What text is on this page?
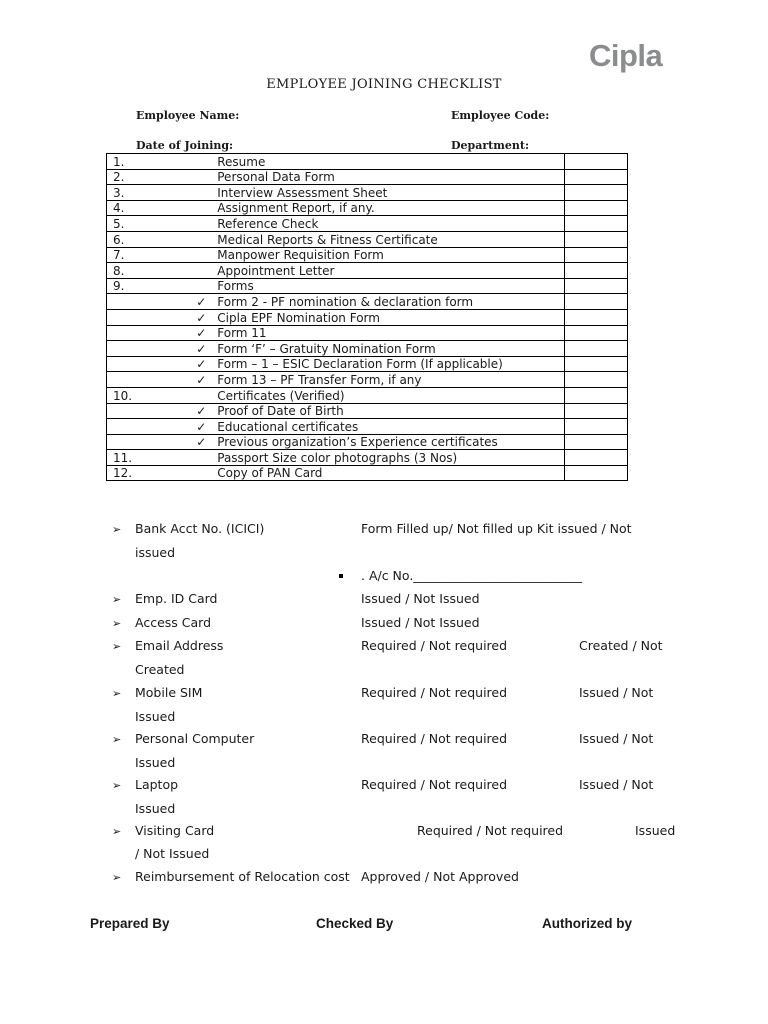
Cipla
EMPLOYEE JOINING CHECKLIST
Employee Name:	Employee Code:
Date of Joining:	Department:
1.	Resume	
2.	Personal Data Form	
3.	Interview Assessment Sheet	
4.	Assignment Report, if any.	
5.	Reference Check	
6.	Medical Reports & Fitness Certificate	
7.	Manpower Requisition Form	
8.	Appointment Letter	
9.	Forms	
	✓ Form 2 - PF nomination & declaration form	
	✓ Cipla EPF Nomination Form	
	✓ Form 11	
	✓ Form ‘F’ – Gratuity Nomination Form	
	✓ Form – 1 – ESIC Declaration Form (If applicable)	
	✓ Form 13 – PF Transfer Form, if any	
10.	Certificates (Verified)	
	✓ Proof of Date of Birth	
	✓ Educational certificates	
	✓ Previous organization’s Experience certificates	
11.	Passport Size color photographs (3 Nos)	
12.	Copy of PAN Card	
➢ Bank Acct No. (ICICI)	Form Filled up/ Not filled up Kit issued / Not
issued
. A/c No.___________________________
➢ Emp. ID Card	Issued / Not Issued
➢ Access Card	Issued / Not Issued
➢ Email Address	Required / Not required	Created / Not
Created
➢ Mobile SIM	Required / Not required	Issued / Not
Issued
➢ Personal Computer	Required / Not required	Issued / Not
Issued
➢ Laptop	Required / Not required	Issued / Not
Issued
➢ Visiting Card	Required / Not required	Issued
/ Not Issued
➢ Reimbursement of Relocation cost Approved / Not Approved
Prepared By	Checked By	Authorized by
